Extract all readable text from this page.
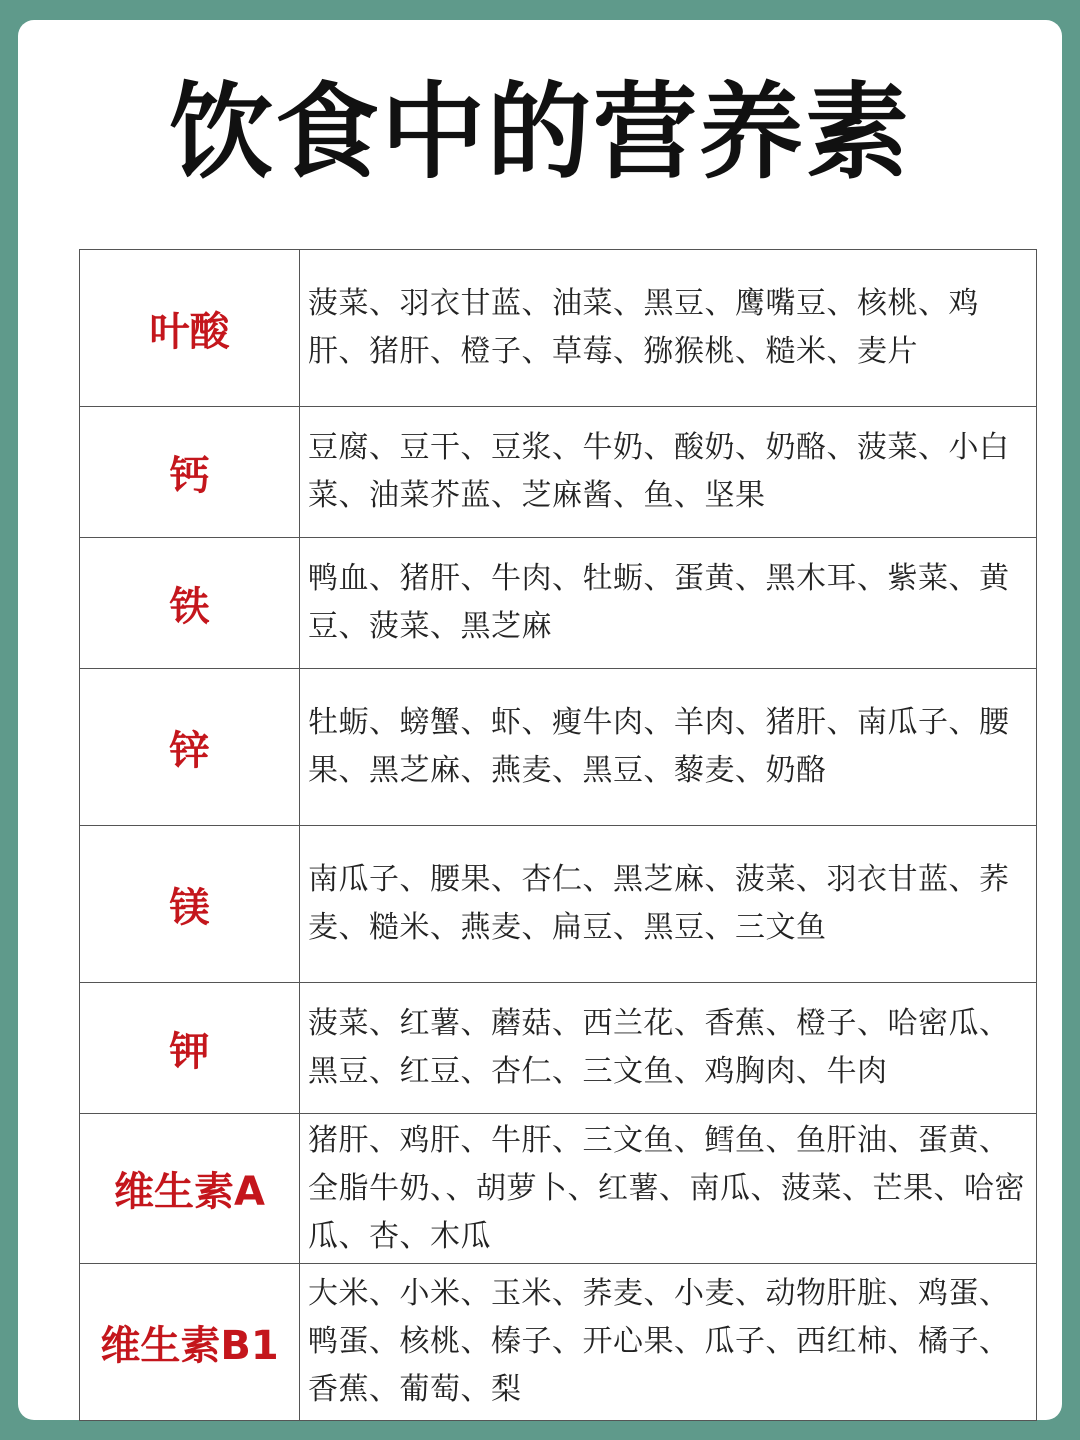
饮食中的营养素
叶酸	菠菜、羽衣甘蓝、油菜、黑豆、鹰嘴豆、核桃、鸡肝、猪肝、橙子、草莓、猕猴桃、糙米、麦片
钙	豆腐、豆干、豆浆、牛奶、酸奶、奶酪、菠菜、小白菜、油菜芥蓝、芝麻酱、鱼、坚果
铁	鸭血、猪肝、牛肉、牡蛎、蛋黄、黑木耳、紫菜、黄豆、菠菜、黑芝麻
锌	牡蛎、螃蟹、虾、瘦牛肉、羊肉、猪肝、南瓜子、腰果、黑芝麻、燕麦、黑豆、藜麦、奶酪
镁	南瓜子、腰果、杏仁、黑芝麻、菠菜、羽衣甘蓝、荞麦、糙米、燕麦、扁豆、黑豆、三文鱼
钾	菠菜、红薯、蘑菇、西兰花、香蕉、橙子、哈密瓜、黑豆、红豆、杏仁、三文鱼、鸡胸肉、牛肉
维生素A	猪肝、鸡肝、牛肝、三文鱼、鳕鱼、鱼肝油、蛋黄、全脂牛奶、、胡萝卜、红薯、南瓜、菠菜、芒果、哈密瓜、杏、木瓜
维生素B1	大米、小米、玉米、荞麦、小麦、动物肝脏、鸡蛋、鸭蛋、核桃、榛子、开心果、瓜子、西红柿、橘子、香蕉、葡萄、梨
